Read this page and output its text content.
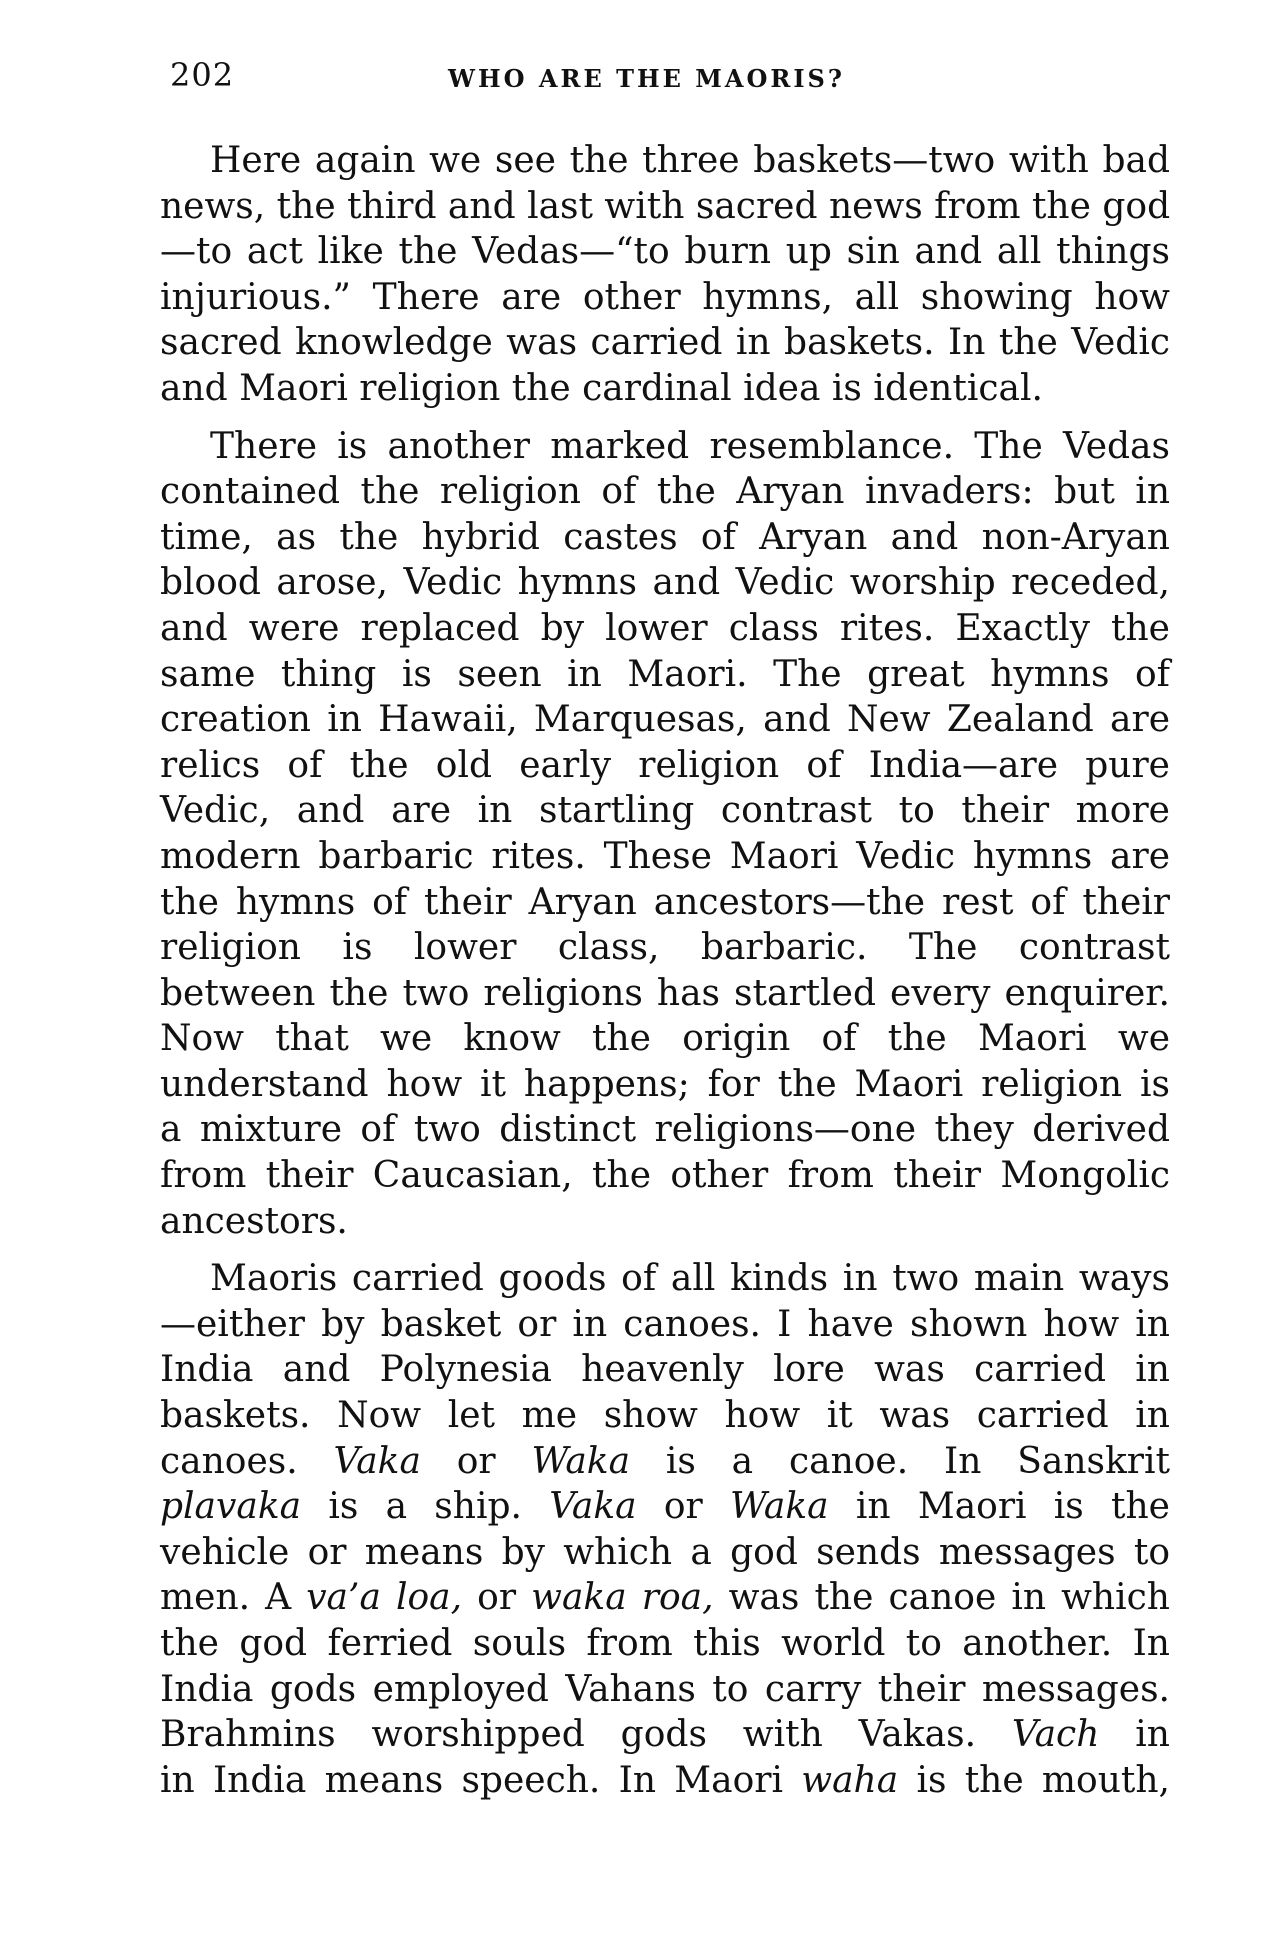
202	WHO ARE THE MAORIS?
Here again we see the three baskets—two with bad
news, the third and last with sacred news from the god
—to act like the Vedas—“to burn up sin and all things
injurious.” There are other hymns, all showing how
sacred knowledge was carried in baskets. In the Vedic
and Maori religion the cardinal idea is identical.
There is another marked resemblance. The Vedas
contained the religion of the Aryan invaders: but in
time, as the hybrid castes of Aryan and non-Aryan
blood arose, Vedic hymns and Vedic worship receded,
and were replaced by lower class rites. Exactly the
same thing is seen in Maori. The great hymns of
creation in Hawaii, Marquesas, and New Zealand are
relics of the old early religion of India—are pure
Vedic, and are in startling contrast to their more
modern barbaric rites. These Maori Vedic hymns are
the hymns of their Aryan ancestors—the rest of their
religion is lower class, barbaric. The contrast
between the two religions has startled every enquirer.
Now that we know the origin of the Maori we
understand how it happens; for the Maori religion is
a mixture of two distinct religions—one they derived
from their Caucasian, the other from their Mongolic
ancestors.
Maoris carried goods of all kinds in two main ways
—either by basket or in canoes. I have shown how in
India and Polynesia heavenly lore was carried in
baskets. Now let me show how it was carried in
canoes. Vaka or Waka is a canoe. In Sanskrit
plavaka is a ship. Vaka or Waka in Maori is the
vehicle or means by which a god sends messages to
men. A va’a loa, or waka roa, was the canoe in which
the god ferried souls from this world to another. In
India gods employed Vahans to carry their messages.
Brahmins worshipped gods with Vakas. Vach in
in India means speech. In Maori waha is the mouth,
